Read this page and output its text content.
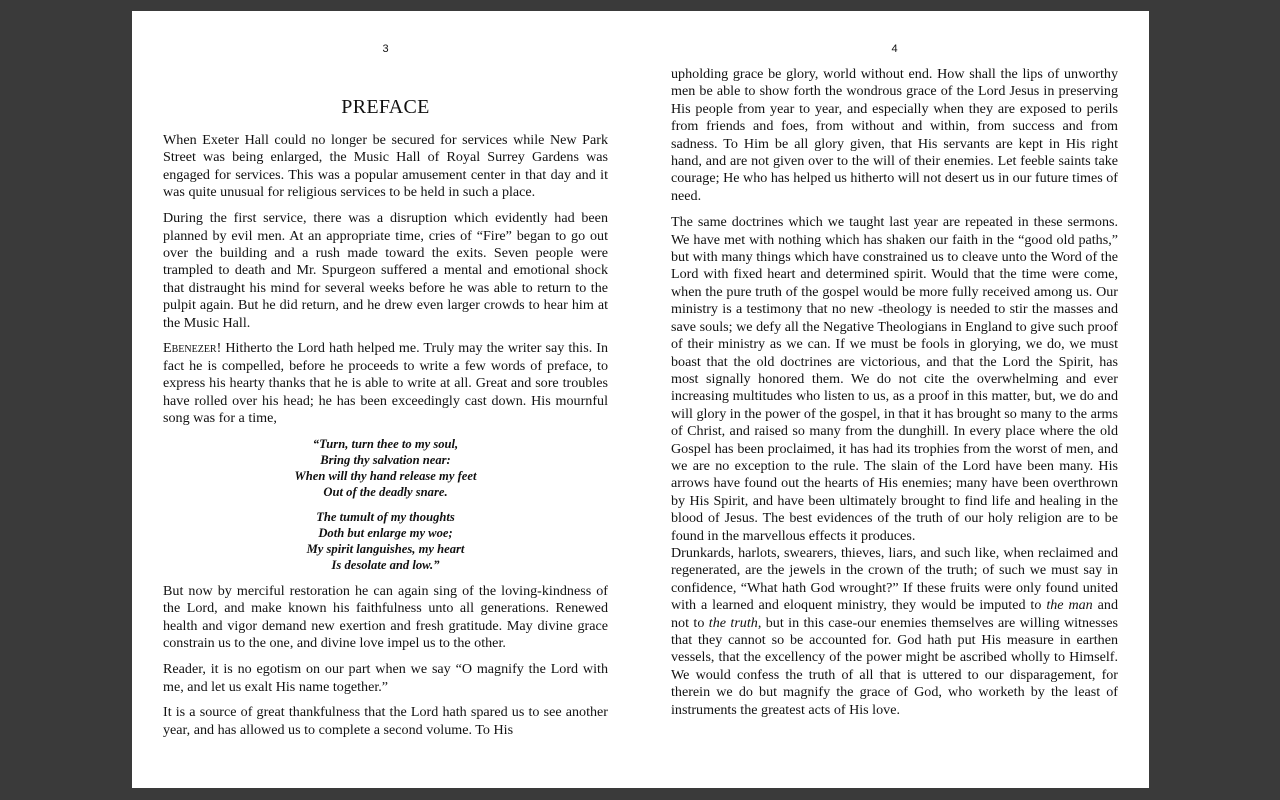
3
PREFACE

When Exeter Hall could no longer be secured for services while New Park Street was being enlarged, the Music Hall of Royal Surrey Gardens was engaged for services. This was a popular amusement center in that day and it was quite unusual for religious services to be held in such a place.

During the first service, there was a disruption which evidently had been planned by evil men. At an appropriate time, cries of “Fire” began to go out over the building and a rush made toward the exits. Seven people were trampled to death and Mr. Spurgeon suffered a mental and emotional shock that distraught his mind for several weeks before he was able to return to the pulpit again. But he did return, and he drew even larger crowds to hear him at the Music Hall.

Ebenezer! Hitherto the Lord hath helped me. Truly may the writer say this. In fact he is compelled, before he proceeds to write a few words of preface, to express his hearty thanks that he is able to write at all. Great and sore troubles have rolled over his head; he has been exceedingly cast down. His mournful song was for a time,

“Turn, turn thee to my soul,
Bring thy salvation near:
When will thy hand release my feet
Out of the deadly snare.
The tumult of my thoughts
Doth but enlarge my woe;
My spirit languishes, my heart
Is desolate and low.”

But now by merciful restoration he can again sing of the loving-kindness of the Lord, and make known his faithfulness unto all generations. Renewed health and vigor demand new exertion and fresh gratitude. May divine grace constrain us to the one, and divine love impel us to the other.

Reader, it is no egotism on our part when we say “O magnify the Lord with me, and let us exalt His name together.”

It is a source of great thankfulness that the Lord hath spared us to see another year, and has allowed us to complete a second volume. To His

4

upholding grace be glory, world without end. How shall the lips of unworthy men be able to show forth the wondrous grace of the Lord Jesus in preserving His people from year to year, and especially when they are exposed to perils from friends and foes, from without and within, from success and from sadness. To Him be all glory given, that His servants are kept in His right hand, and are not given over to the will of their enemies. Let feeble saints take courage; He who has helped us hitherto will not desert us in our future times of need.

The same doctrines which we taught last year are repeated in these sermons. We have met with nothing which has shaken our faith in the “good old paths,” but with many things which have constrained us to cleave unto the Word of the Lord with fixed heart and determined spirit. Would that the time were come, when the pure truth of the gospel would be more fully received among us. Our ministry is a testimony that no new -theology is needed to stir the masses and save souls; we defy all the Negative Theologians in England to give such proof of their ministry as we can. If we must be fools in glorying, we do, we must boast that the old doctrines are victorious, and that the Lord the Spirit, has most signally honored them. We do not cite the overwhelming and ever increasing multitudes who listen to us, as a proof in this matter, but, we do and will glory in the power of the gospel, in that it has brought so many to the arms of Christ, and raised so many from the dunghill. In every place where the old Gospel has been proclaimed, it has had its trophies from the worst of men, and we are no exception to the rule. The slain of the Lord have been many. His arrows have found out the hearts of His enemies; many have been overthrown by His Spirit, and have been ultimately brought to find life and healing in the blood of Jesus. The best evidences of the truth of our holy religion are to be found in the marvellous effects it produces.

Drunkards, harlots, swearers, thieves, liars, and such like, when reclaimed and regenerated, are the jewels in the crown of the truth; of such we must say in confidence, “What hath God wrought?” If these fruits were only found united with a learned and eloquent ministry, they would be imputed to the man and not to the truth, but in this case-our enemies themselves are willing witnesses that they cannot so be accounted for. God hath put His measure in earthen vessels, that the excellency of the power might be ascribed wholly to Himself. We would confess the truth of all that is uttered to our disparagement, for therein we do but magnify the grace of God, who worketh by the least of instruments the greatest acts of His love.
